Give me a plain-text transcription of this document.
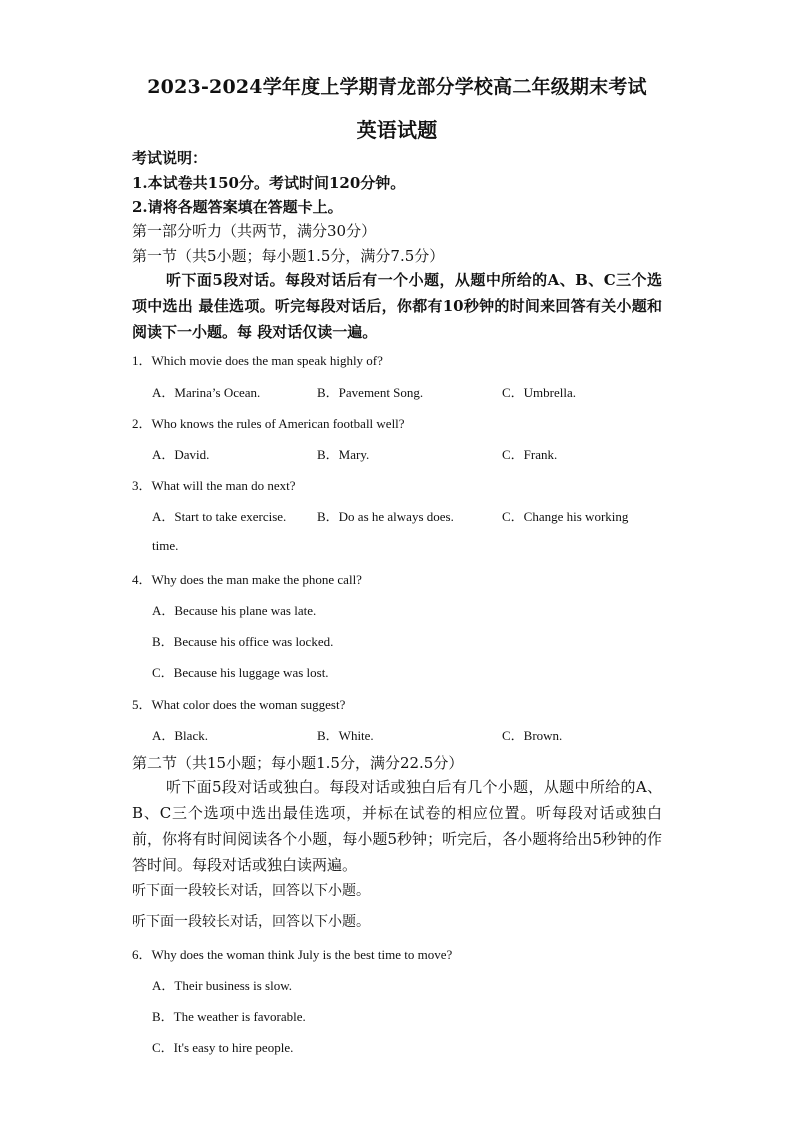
2023-2024学年度上学期青龙部分学校高二年级期末考试
英语试题
考试说明：
1.本试卷共150分。考试时间120分钟。
2.请将各题答案填在答题卡上。
第一部分听力（共两节，满分30分）
第一节（共5小题；每小题1.5分，满分7.5分）
听下面5段对话。每段对话后有一个小题，从题中所给的A、B、C三个选项中选出 最佳选项。听完每段对话后，你都有10秒钟的时间来回答有关小题和阅读下一小题。每 段对话仅读一遍。
1．Which movie does the man speak highly of?
A．Marina’s Ocean.	B．Pavement Song.	C．Umbrella.
2．Who knows the rules of American football well?
A．David.	B．Mary.	C．Frank.
3．What will the man do next?
A．Start to take exercise. B．Do as he always does.	C．Change his working
time.
4．Why does the man make the phone call?
A．Because his plane was late.
B．Because his office was locked.
C．Because his luggage was lost.
5．What color does the woman suggest?
A．Black.	B．White.	C．Brown.
第二节（共15小题；每小题1.5分，满分22.5分）
听下面5段对话或独白。每段对话或独白后有几个小题，从题中所给的A、B、C三个选项中选出最佳选项，并标在试卷的相应位置。听每段对话或独白前，你将有时间阅读各个小题，每小题5秒钟；听完后，各小题将给出5秒钟的作答时间。每段对话或独白读两遍。
听下面一段较长对话，回答以下小题。
听下面一段较长对话，回答以下小题。
6．Why does the woman think July is the best time to move?
A．Their business is slow.
B．The weather is favorable.
C．It's easy to hire people.
